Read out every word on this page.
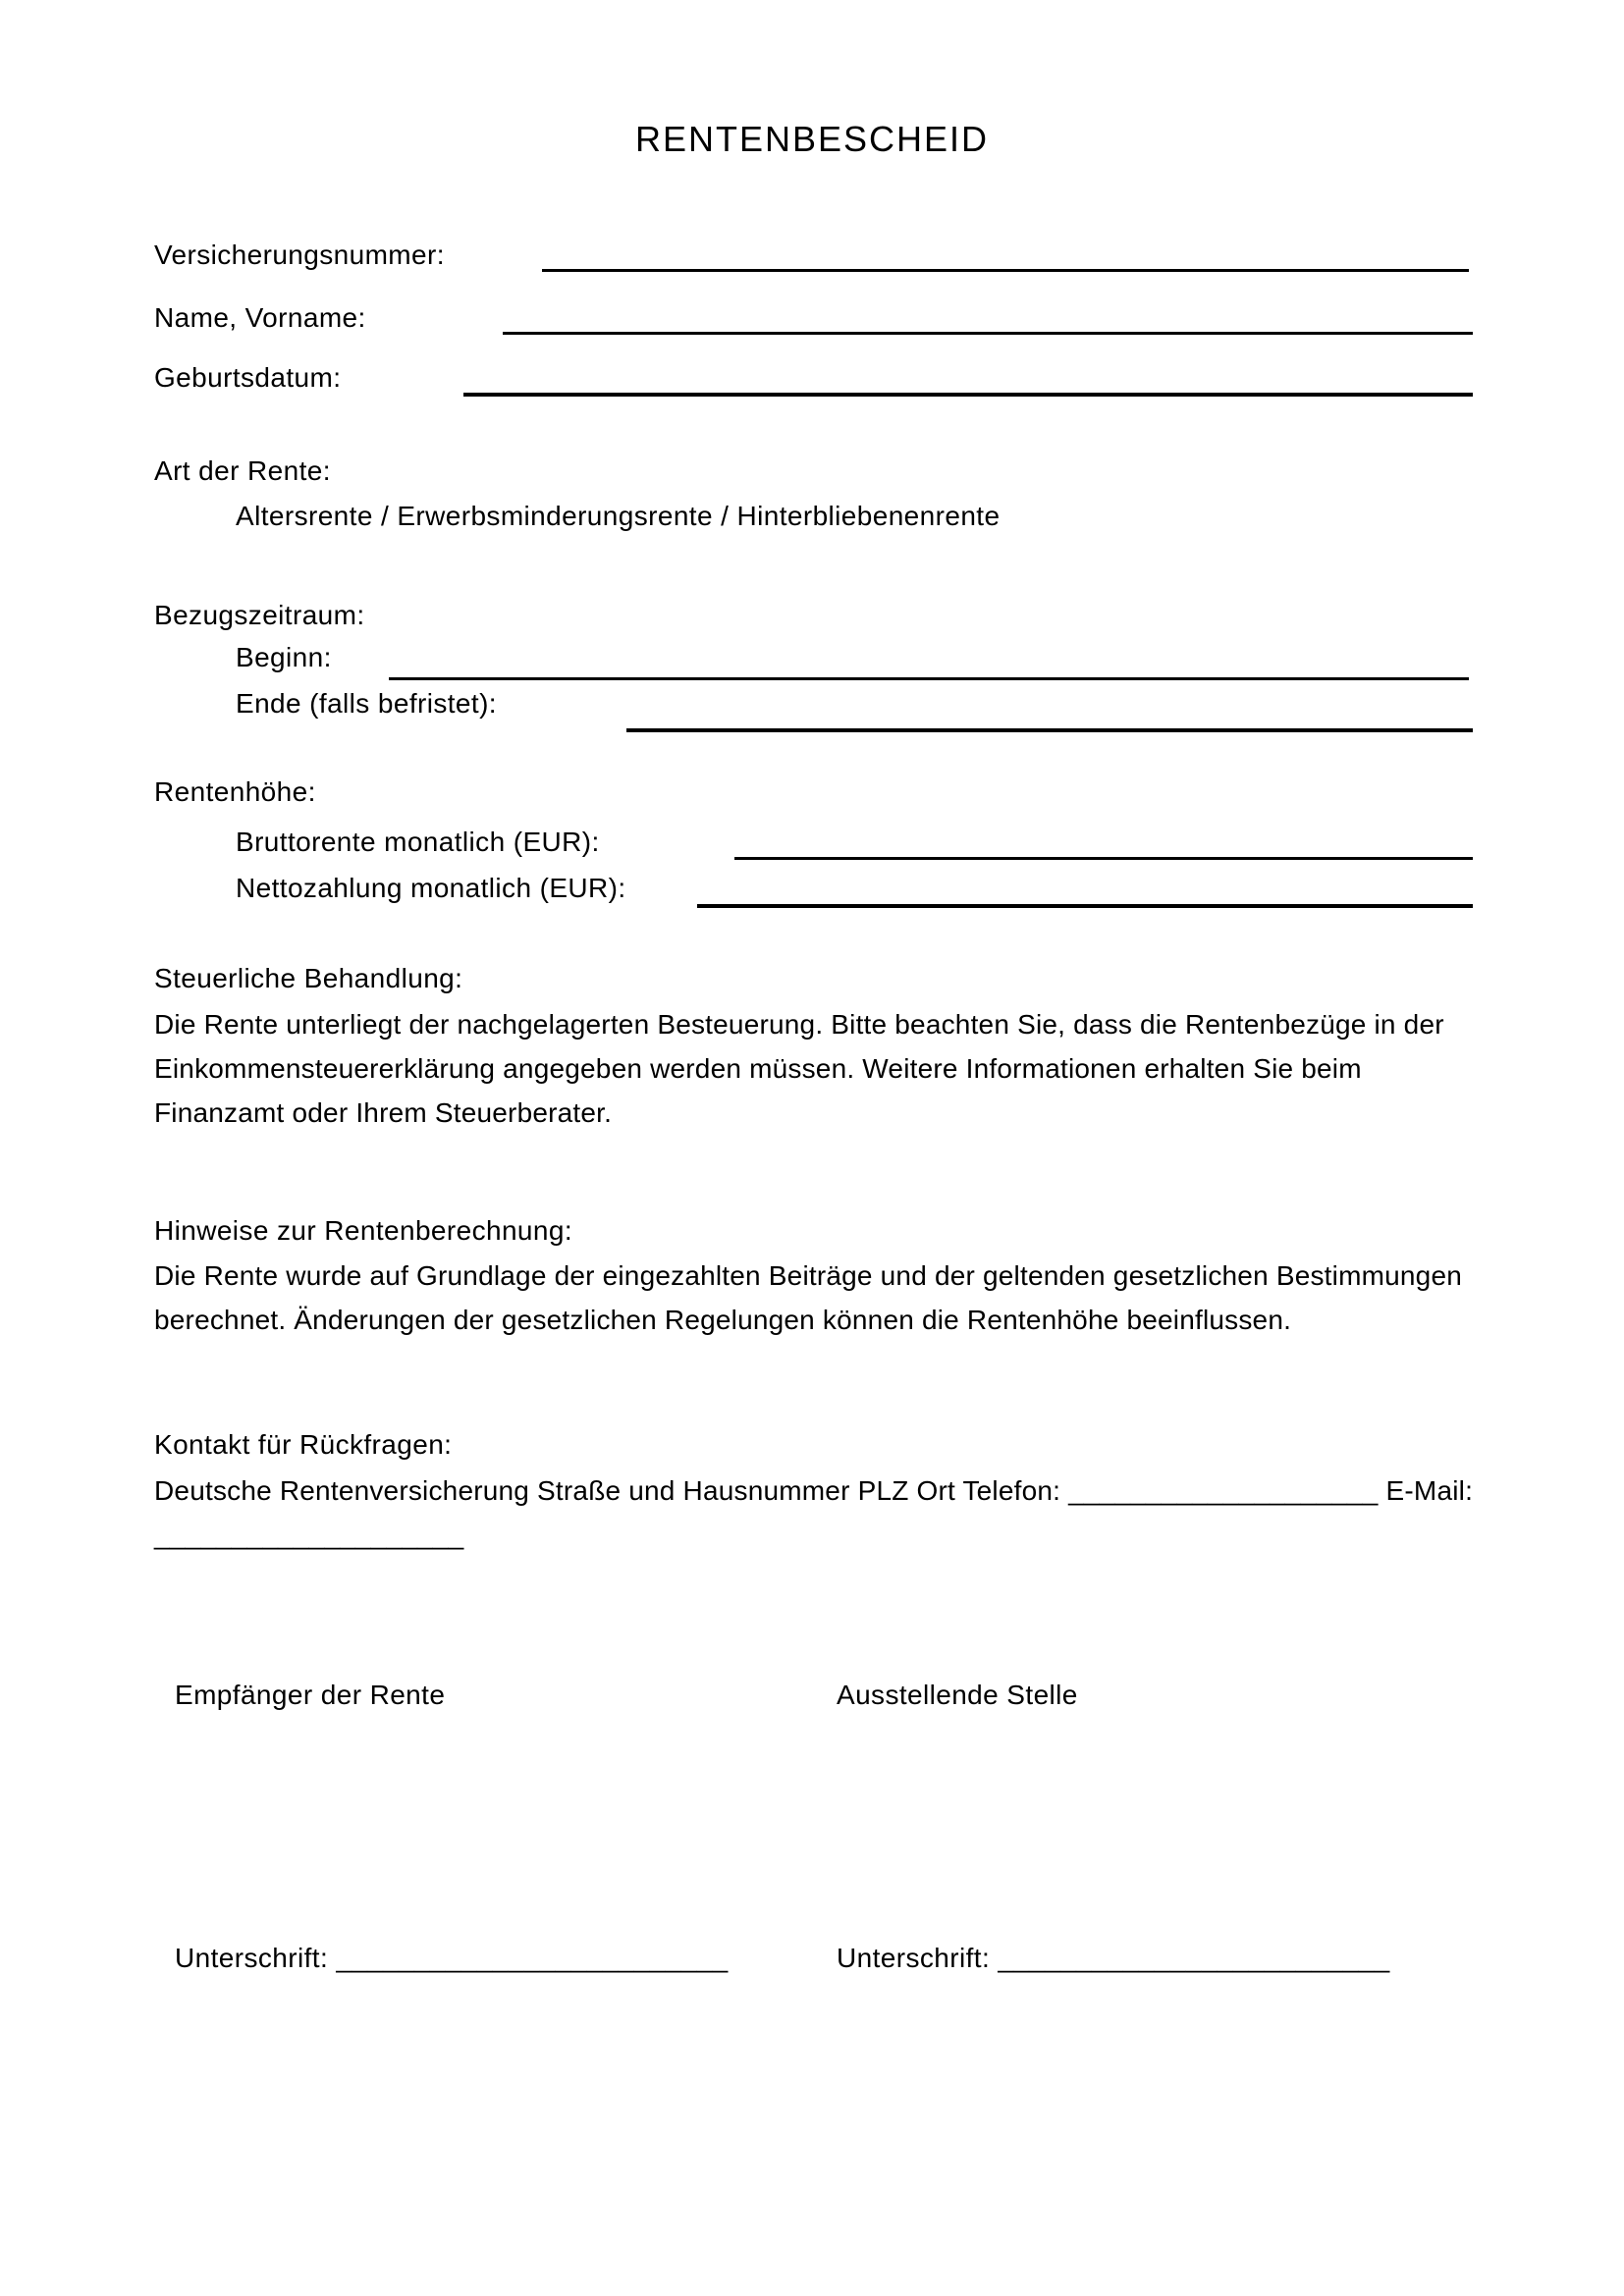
RENTENBESCHEID
Versicherungsnummer:
Name, Vorname:
Geburtsdatum:
Art der Rente:
Altersrente / Erwerbsminderungsrente / Hinterbliebenenrente
Bezugszeitraum:
Beginn:
Ende (falls befristet):
Rentenhöhe:
Bruttorente monatlich (EUR):
Nettozahlung monatlich (EUR):
Steuerliche Behandlung:
Die Rente unterliegt der nachgelagerten Besteuerung. Bitte beachten Sie, dass die Rentenbezüge in der
Einkommensteuererklärung angegeben werden müssen. Weitere Informationen erhalten Sie beim
Finanzamt oder Ihrem Steuerberater.
Hinweise zur Rentenberechnung:
Die Rente wurde auf Grundlage der eingezahlten Beiträge und der geltenden gesetzlichen Bestimmungen
berechnet. Änderungen der gesetzlichen Regelungen können die Rentenhöhe beeinflussen.
Kontakt für Rückfragen:
Deutsche Rentenversicherung Straße und Hausnummer PLZ Ort Telefon: ____________________ E-Mail:
____________________
Empfänger der Rente	Ausstellende Stelle
Unterschrift: _________________________	Unterschrift: _________________________
